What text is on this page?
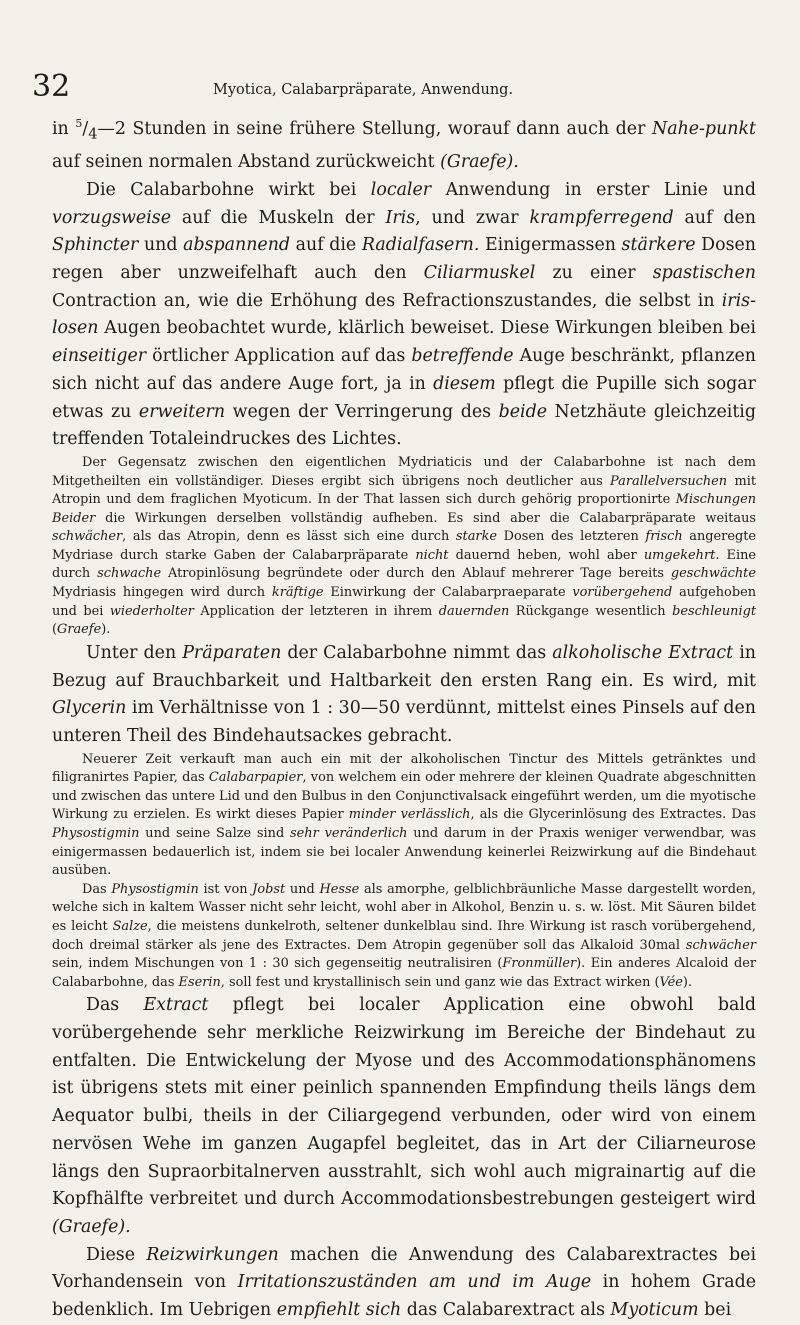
32	Myotica, Calabarpräparate, Anwendung.

in $^5/_4—2$ Stunden in seine frühere Stellung, worauf dann auch der Nahe-punkt auf seinen normalen Abstand zurückweicht (Graefe).

Die Calabarbohne wirkt bei localer Anwendung in erster Linie und vorzugsweise auf die Muskeln der Iris, und zwar krampferregend auf den Sphincter und abspannend auf die Radialfasern. Einigermassen stärkere Dosen regen aber unzweifelhaft auch den Ciliarmuskel zu einer spastischen Contraction an, wie die Erhöhung des Refractionszustandes, die selbst in iris-losen Augen beobachtet wurde, klärlich beweiset. Diese Wirkungen bleiben bei einseitiger örtlicher Application auf das betreffende Auge beschränkt, pflanzen sich nicht auf das andere Auge fort, ja in diesem pflegt die Pupille sich sogar etwas zu erweitern wegen der Verringerung des beide Netzhäute gleichzeitig treffenden Totaleindruckes des Lichtes.

Der Gegensatz zwischen den eigentlichen Mydriaticis und der Calabarbohne ist nach dem Mitgetheilten ein vollständiger. Dieses ergibt sich übrigens noch deutlicher aus Parallelversuchen mit Atropin und dem fraglichen Myoticum. In der That lassen sich durch gehörig proportionirte Mischungen Beider die Wirkungen derselben vollständig aufheben. Es sind aber die Calabarpräparate weitaus schwächer, als das Atropin, denn es lässt sich eine durch starke Dosen des letzteren frisch angeregte Mydriase durch starke Gaben der Calabarpräparate nicht dauernd heben, wohl aber umgekehrt. Eine durch schwache Atropinlösung begründete oder durch den Ablauf mehrerer Tage bereits geschwächte Mydriasis hingegen wird durch kräftige Einwirkung der Calabarpraeparate vorübergehend aufgehoben und bei wiederholter Application der letzteren in ihrem dauernden Rückgange wesentlich beschleunigt (Graefe).

Unter den Präparaten der Calabarbohne nimmt das alkoholische Extract in Bezug auf Brauchbarkeit und Haltbarkeit den ersten Rang ein. Es wird, mit Glycerin im Verhältnisse von 1 : 30—50 verdünnt, mittelst eines Pinsels auf den unteren Theil des Bindehautsackes gebracht.

Neuerer Zeit verkauft man auch ein mit der alkoholischen Tinctur des Mittels getränktes und filigranirtes Papier, das Calabarpapier, von welchem ein oder mehrere der kleinen Quadrate abgeschnitten und zwischen das untere Lid und den Bulbus in den Conjunctivalsack eingeführt werden, um die myotische Wirkung zu erzielen. Es wirkt dieses Papier minder verlässlich, als die Glycerinlösung des Extractes. Das Physostigmin und seine Salze sind sehr veränderlich und darum in der Praxis weniger verwendbar, was einigermassen bedauerlich ist, indem sie bei localer Anwendung keinerlei Reizwirkung auf die Bindehaut ausüben.

Das Physostigmin ist von Jobst und Hesse als amorphe, gelblichbräunliche Masse dargestellt worden, welche sich in kaltem Wasser nicht sehr leicht, wohl aber in Alkohol, Benzin u. s. w. löst. Mit Säuren bildet es leicht Salze, die meistens dunkelroth, seltener dunkelblau sind. Ihre Wirkung ist rasch vorübergehend, doch dreimal stärker als jene des Extractes. Dem Atropin gegenüber soll das Alkaloid 30mal schwächer sein, indem Mischungen von 1 : 30 sich gegenseitig neutralisiren (Fronmüller). Ein anderes Alcaloid der Calabarbohne, das Eserin, soll fest und krystallinisch sein und ganz wie das Extract wirken (Vée).

Das Extract pflegt bei localer Application eine obwohl bald vorübergehende sehr merkliche Reizwirkung im Bereiche der Bindehaut zu entfalten. Die Entwickelung der Myose und des Accommodationsphänomens ist übrigens stets mit einer peinlich spannenden Empfindung theils längs dem Aequator bulbi, theils in der Ciliargegend verbunden, oder wird von einem nervösen Wehe im ganzen Augapfel begleitet, das in Art der Ciliarneurose längs den Supraorbitalnerven ausstrahlt, sich wohl auch migrainartig auf die Kopfhälfte verbreitet und durch Accommodationsbestrebungen gesteigert wird (Graefe).

Diese Reizwirkungen machen die Anwendung des Calabarextractes bei Vorhandensein von Irritationszuständen am und im Auge in hohem Grade bedenklich. Im Uebrigen empfiehlt sich das Calabarextract als Myoticum bei
